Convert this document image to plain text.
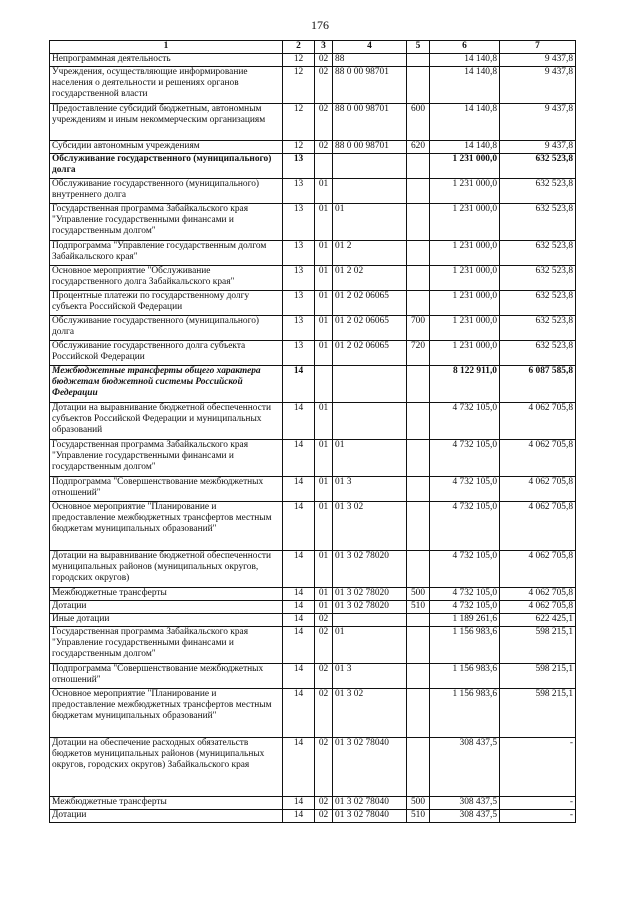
176
1	2	3	4	5	6	7
Непрограммная деятельность	12	02	88		14 140,8	9 437,8
Учреждения, осуществляющие информирование населения о деятельности и решениях органов государственной власти	12	02	88 0 00 98701		14 140,8	9 437,8
Предоставление субсидий бюджетным, автономным учреждениям и иным некоммерческим организациям	12	02	88 0 00 98701	600	14 140,8	9 437,8
Субсидии автономным учреждениям	12	02	88 0 00 98701	620	14 140,8	9 437,8
Обслуживание государственного (муниципального) долга	13				1 231 000,0	632 523,8
Обслуживание государственного (муниципального) внутреннего долга	13	01			1 231 000,0	632 523,8
Государственная программа Забайкальского края "Управление государственными финансами и государственным долгом"	13	01	01		1 231 000,0	632 523,8
Подпрограмма "Управление государственным долгом Забайкальского края"	13	01	01 2		1 231 000,0	632 523,8
Основное мероприятие "Обслуживание государственного долга Забайкальского края"	13	01	01 2 02		1 231 000,0	632 523,8
Процентные платежи по государственному долгу субъекта Российской Федерации	13	01	01 2 02 06065		1 231 000,0	632 523,8
Обслуживание государственного (муниципального) долга	13	01	01 2 02 06065	700	1 231 000,0	632 523,8
Обслуживание государственного долга субъекта Российской Федерации	13	01	01 2 02 06065	720	1 231 000,0	632 523,8
Межбюджетные трансферты общего характера бюджетам бюджетной системы Российской Федерации	14				8 122 911,0	6 087 585,8
Дотации на выравнивание бюджетной обеспеченности субъектов Российской Федерации и муниципальных образований	14	01			4 732 105,0	4 062 705,8
Государственная программа Забайкальского края "Управление государственными финансами и государственным долгом"	14	01	01		4 732 105,0	4 062 705,8
Подпрограмма "Совершенствование межбюджетных отношений"	14	01	01 3		4 732 105,0	4 062 705,8
Основное мероприятие "Планирование и предоставление межбюджетных трансфертов местным бюджетам муниципальных образований"	14	01	01 3 02		4 732 105,0	4 062 705,8
Дотации на выравнивание бюджетной обеспеченности муниципальных районов (муниципальных округов, городских округов)	14	01	01 3 02 78020		4 732 105,0	4 062 705,8
Межбюджетные трансферты	14	01	01 3 02 78020	500	4 732 105,0	4 062 705,8
Дотации	14	01	01 3 02 78020	510	4 732 105,0	4 062 705,8
Иные дотации	14	02			1 189 261,6	622 425,1
Государственная программа Забайкальского края "Управление государственными финансами и государственным долгом"	14	02	01		1 156 983,6	598 215,1
Подпрограмма "Совершенствование межбюджетных отношений"	14	02	01 3		1 156 983,6	598 215,1
Основное мероприятие "Планирование и предоставление межбюджетных трансфертов местным бюджетам муниципальных образований"	14	02	01 3 02		1 156 983,6	598 215,1
Дотации на обеспечение расходных обязательств бюджетов муниципальных районов (муниципальных округов, городских округов) Забайкальского края	14	02	01 3 02 78040		308 437,5	-
Межбюджетные трансферты	14	02	01 3 02 78040	500	308 437,5	-
Дотации	14	02	01 3 02 78040	510	308 437,5	-
